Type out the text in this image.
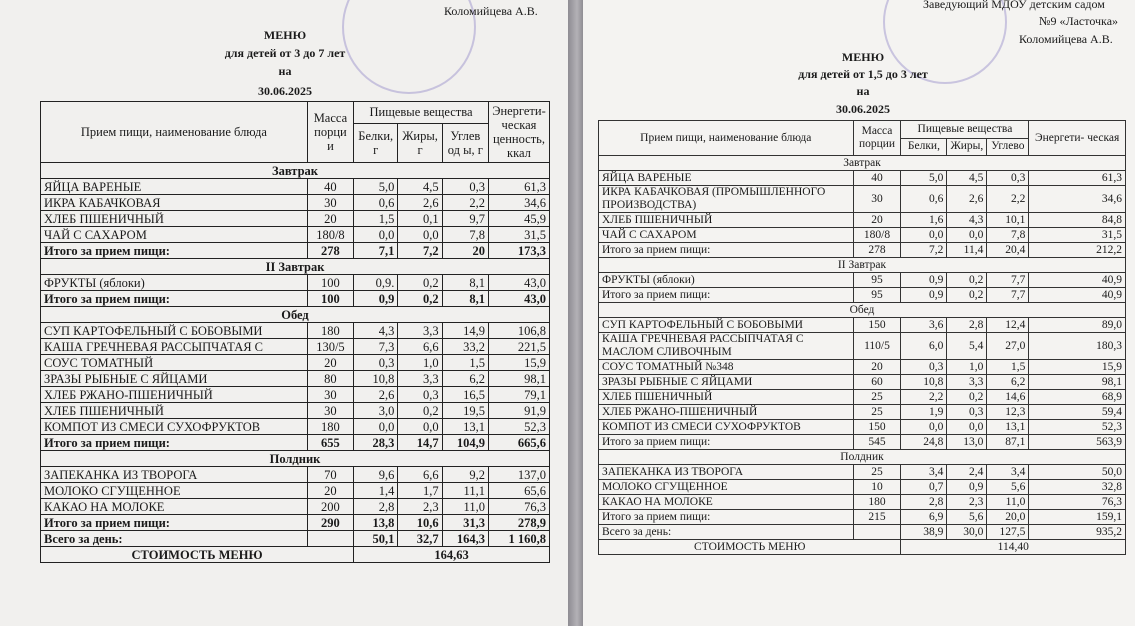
Коломийцева А.В.
МЕНЮ
для детей от 3 до 7 лет
на
30.06.2025
Прием пищи, наименование блюда	Масса порци и	Пищевые вещества			Энергети- ческая ценность, ккал
		Белки, г	Жиры, г	Углев од ы, г	
Завтрак					
ЯЙЦА ВАРЕНЫЕ	40	5,0	4,5	0,3	61,3
ИКРА КАБАЧКОВАЯ	30	0,6	2,6	2,2	34,6
ХЛЕБ ПШЕНИЧНЫЙ	20	1,5	0,1	9,7	45,9
ЧАЙ С САХАРОМ	180/8	0,0	0,0	7,8	31,5
Итого за прием пищи:	278	7,1	7,2	20	173,3
II Завтрак					
ФРУКТЫ (яблоки)	100	0,9.	0,2	8,1	43,0
Итого за прием пищи:	100	0,9	0,2	8,1	43,0
Обед					
СУП КАРТОФЕЛЬНЫЙ С БОБОВЫМИ	180	4,3	3,3	14,9	106,8
КАША ГРЕЧНЕВАЯ РАССЫПЧАТАЯ С	130/5	7,3	6,6	33,2	221,5
СОУС ТОМАТНЫЙ	20	0,3	1,0	1,5	15,9
ЗРАЗЫ РЫБНЫЕ С ЯЙЦАМИ	80	10,8	3,3	6,2	98,1
ХЛЕБ РЖАНО-ПШЕНИЧНЫЙ	30	2,6	0,3	16,5	79,1
ХЛЕБ ПШЕНИЧНЫЙ	30	3,0	0,2	19,5	91,9
КОМПОТ ИЗ СМЕСИ СУХОФРУКТОВ	180	0,0	0,0	13,1	52,3
Итого за прием пищи:	655	28,3	14,7	104,9	665,6
Полдник					
ЗАПЕКАНКА ИЗ ТВОРОГА	70	9,6	6,6	9,2	137,0
МОЛОКО СГУЩЕННОЕ	20	1,4	1,7	11,1	65,6
КАКАО НА МОЛОКЕ	200	2,8	2,3	11,0	76,3
Итого за прием пищи:	290	13,8	10,6	31,3	278,9
Всего за день:		50,1	32,7	164,3	1 160,8
СТОИМОСТЬ МЕНЮ		164,63			
Заведующий МДОУ детским садом
№9 «Ласточка»
Коломийцева А.В.
МЕНЮ
для детей от 1,5 до 3 лет
на
30.06.2025
Прием пищи, наименование блюда	Масса порции	Пищевые вещества			Энергети- ческая
		Белки,	Жиры,	Углево	
Завтрак					
ЯЙЦА ВАРЕНЫЕ	40	5,0	4,5	0,3	61,3
ИКРА КАБАЧКОВАЯ (ПРОМЫШЛЕННОГО ПРОИЗВОДСТВА)	30	0,6	2,6	2,2	34,6
ХЛЕБ ПШЕНИЧНЫЙ	20	1,6	4,3	10,1	84,8
ЧАЙ С САХАРОМ	180/8	0,0	0,0	7,8	31,5
Итого за прием пищи:	278	7,2	11,4	20,4	212,2
II Завтрак					
ФРУКТЫ (яблоки)	95	0,9	0,2	7,7	40,9
Итого за прием пищи:	95	0,9	0,2	7,7	40,9
Обед					
СУП КАРТОФЕЛЬНЫЙ С БОБОВЫМИ	150	3,6	2,8	12,4	89,0
КАША ГРЕЧНЕВАЯ РАССЫПЧАТАЯ С МАСЛОМ СЛИВОЧНЫМ	110/5	6,0	5,4	27,0	180,3
СОУС ТОМАТНЫЙ №348	20	0,3	1,0	1,5	15,9
ЗРАЗЫ РЫБНЫЕ С ЯЙЦАМИ	60	10,8	3,3	6,2	98,1
ХЛЕБ ПШЕНИЧНЫЙ	25	2,2	0,2	14,6	68,9
ХЛЕБ РЖАНО-ПШЕНИЧНЫЙ	25	1,9	0,3	12,3	59,4
КОМПОТ ИЗ СМЕСИ СУХОФРУКТОВ	150	0,0	0,0	13,1	52,3
Итого за прием пищи:	545	24,8	13,0	87,1	563,9
Полдник					
ЗАПЕКАНКА ИЗ ТВОРОГА	25	3,4	2,4	3,4	50,0
МОЛОКО СГУЩЕННОЕ	10	0,7	0,9	5,6	32,8
КАКАО НА МОЛОКЕ	180	2,8	2,3	11,0	76,3
Итого за прием пищи:	215	6,9	5,6	20,0	159,1
Всего за день:		38,9	30,0	127,5	935,2
СТОИМОСТЬ МЕНЮ		114,40			
